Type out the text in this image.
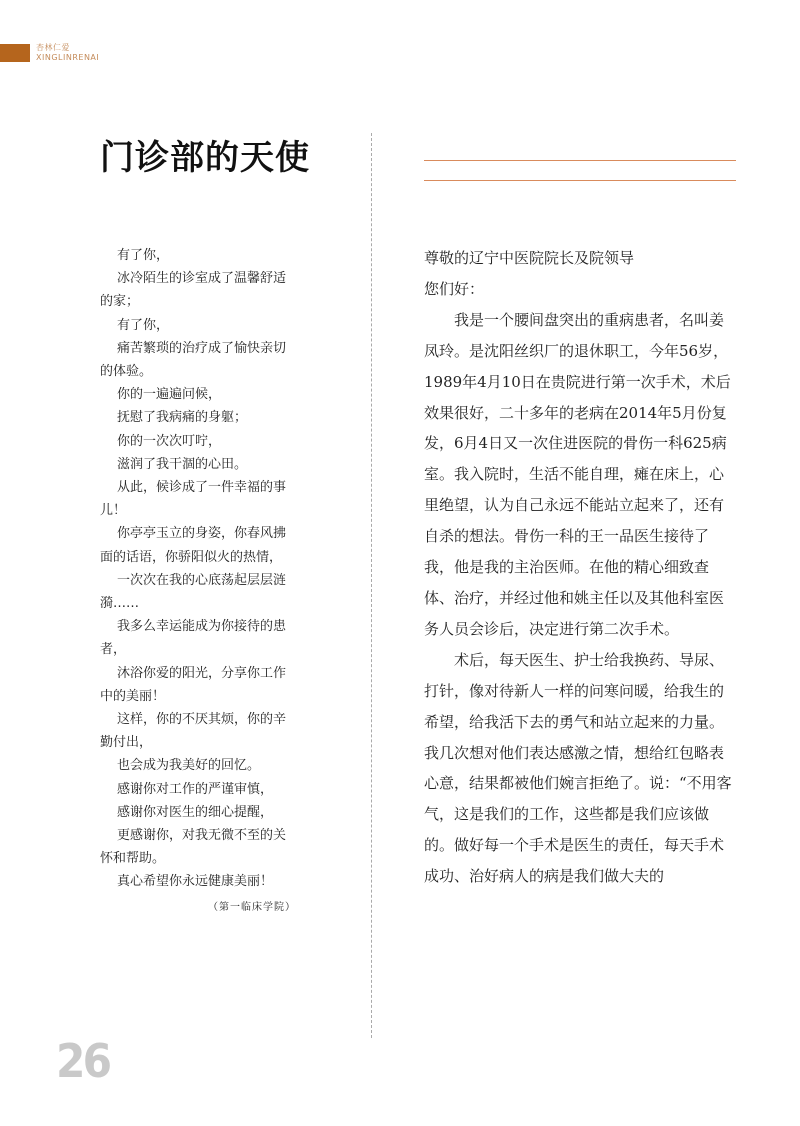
杏林仁爱
XINGLINRENAI
门诊部的天使

有了你，

冰冷陌生的诊室成了温馨舒适的家；

有了你，

痛苦繁琐的治疗成了愉快亲切的体验。

你的一遍遍问候，

抚慰了我病痛的身躯；

你的一次次叮咛，

滋润了我干涸的心田。

从此，候诊成了一件幸福的事儿！

你亭亭玉立的身姿，你春风拂面的话语，你骄阳似火的热情，

一次次在我的心底荡起层层涟漪……

我多么幸运能成为你接待的患者，

沐浴你爱的阳光，分享你工作中的美丽！

这样，你的不厌其烦，你的辛勤付出，

也会成为我美好的回忆。

感谢你对工作的严谨审慎，

感谢你对医生的细心提醒，

更感谢你，对我无微不至的关怀和帮助。

真心希望你永远健康美丽！

（第一临床学院）

尊敬的辽宁中医院院长及院领导

您们好：

我是一个腰间盘突出的重病患者，名叫姜凤玲。是沈阳丝织厂的退休职工，今年56岁，1989年4月10日在贵院进行第一次手术，术后效果很好，二十多年的老病在2014年5月份复发，6月4日又一次住进医院的骨伤一科625病室。我入院时，生活不能自理，瘫在床上，心里绝望，认为自己永远不能站立起来了，还有自杀的想法。骨伤一科的王一品医生接待了我，他是我的主治医师。在他的精心细致查体、治疗，并经过他和姚主任以及其他科室医务人员会诊后，决定进行第二次手术。

术后，每天医生、护士给我换药、导尿、打针，像对待新人一样的问寒问暖，给我生的希望，给我活下去的勇气和站立起来的力量。我几次想对他们表达感激之情，想给红包略表心意，结果都被他们婉言拒绝了。说：“不用客气，这是我们的工作，这些都是我们应该做的。做好每一个手术是医生的责任，每天手术成功、治好病人的病是我们做大夫的

26
